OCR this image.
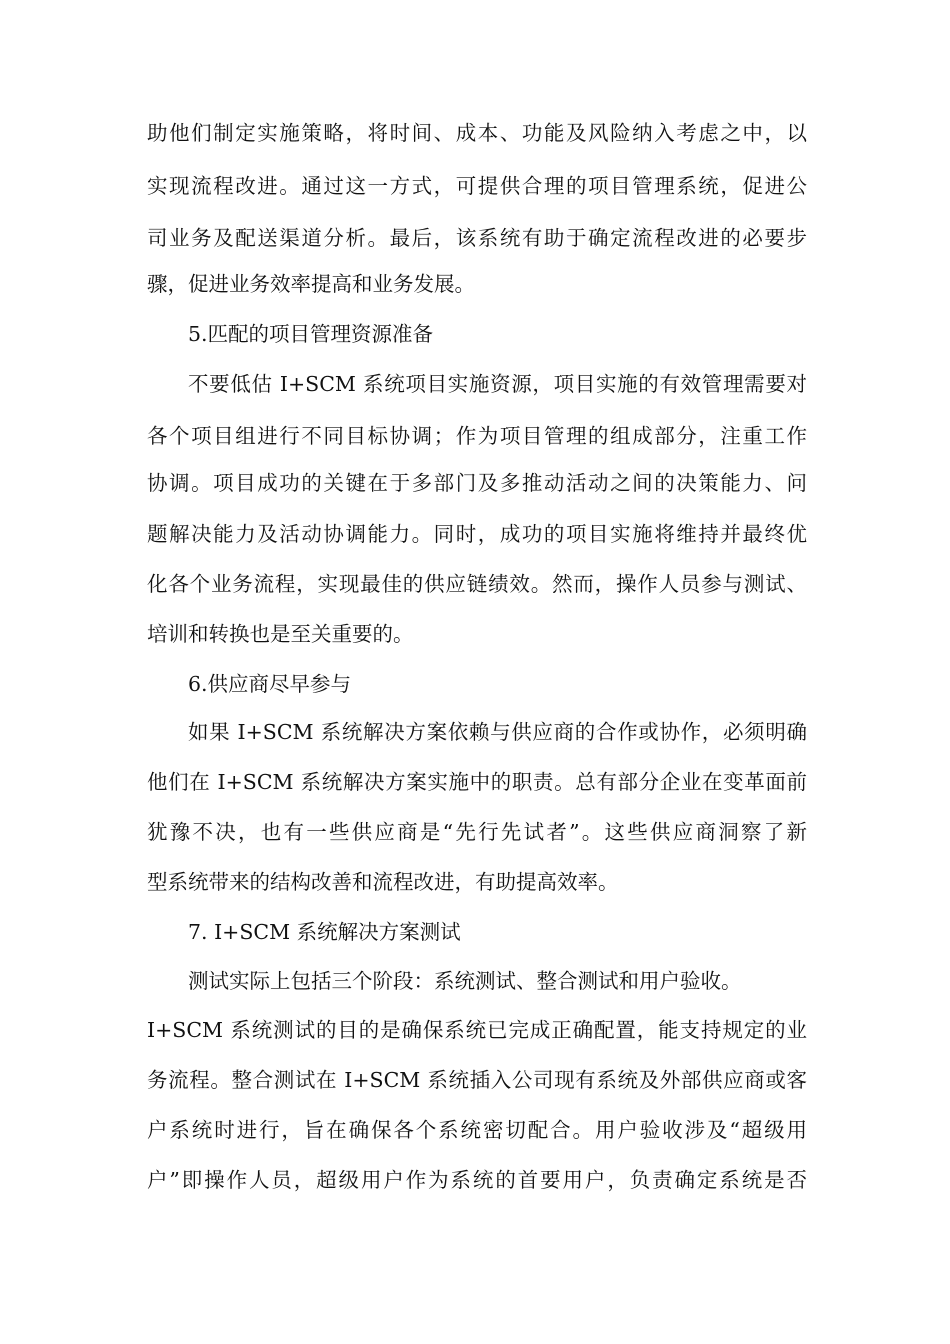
助他们制定实施策略，将时间、成本、功能及风险纳入考虑之中，以
实现流程改进。通过这一方式，可提供合理的项目管理系统，促进公
司业务及配送渠道分析。最后，该系统有助于确定流程改进的必要步
骤，促进业务效率提高和业务发展。
5.匹配的项目管理资源准备
不要低估 I+SCM 系统项目实施资源，项目实施的有效管理需要对
各个项目组进行不同目标协调；作为项目管理的组成部分，注重工作
协调。项目成功的关键在于多部门及多推动活动之间的决策能力、问
题解决能力及活动协调能力。同时，成功的项目实施将维持并最终优
化各个业务流程，实现最佳的供应链绩效。然而，操作人员参与测试、
培训和转换也是至关重要的。
6.供应商尽早参与
如果 I+SCM 系统解决方案依赖与供应商的合作或协作，必须明确
他们在 I+SCM 系统解决方案实施中的职责。总有部分企业在变革面前
犹豫不决，也有一些供应商是“先行先试者”。这些供应商洞察了新
型系统带来的结构改善和流程改进，有助提高效率。
7. I+SCM 系统解决方案测试
测试实际上包括三个阶段：系统测试、整合测试和用户验收。
I+SCM 系统测试的目的是确保系统已完成正确配置，能支持规定的业
务流程。整合测试在 I+SCM 系统插入公司现有系统及外部供应商或客
户系统时进行，旨在确保各个系统密切配合。用户验收涉及“超级用
户”即操作人员，超级用户作为系统的首要用户，负责确定系统是否
